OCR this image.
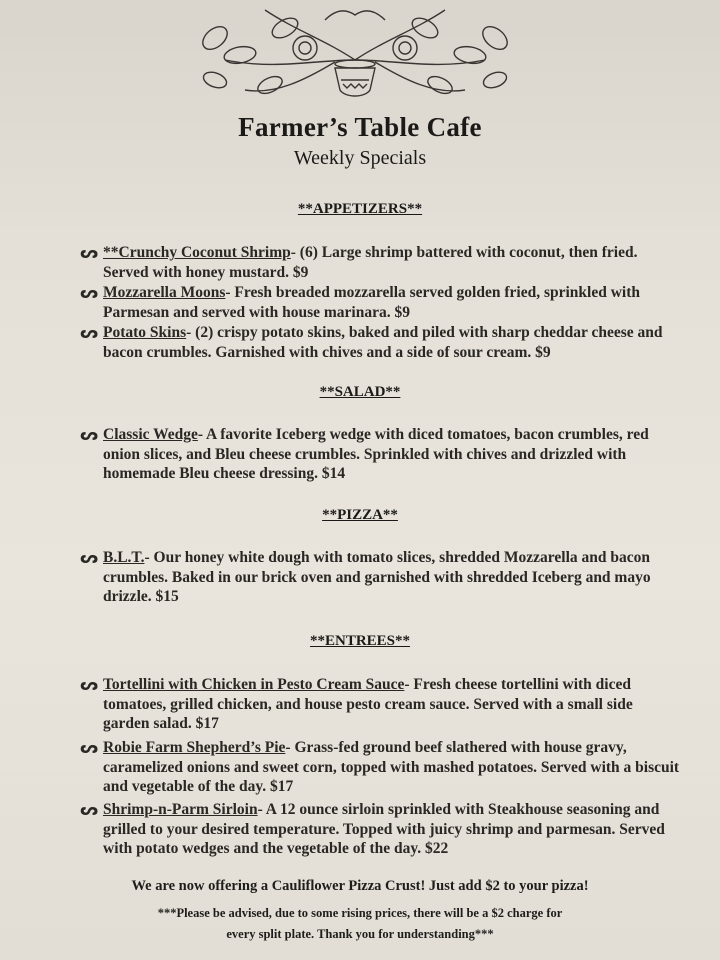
Farmer’s Table Cafe
Weekly Specials
**APPETIZERS**
ᔕ **Crunchy Coconut Shrimp- (6) Large shrimp battered with coconut, then fried. Served with honey mustard. $9
ᔕ Mozzarella Moons- Fresh breaded mozzarella served golden fried, sprinkled with Parmesan and served with house marinara. $9
ᔕ Potato Skins- (2) crispy potato skins, baked and piled with sharp cheddar cheese and bacon crumbles. Garnished with chives and a side of sour cream. $9
**SALAD**
ᔕ Classic Wedge- A favorite Iceberg wedge with diced tomatoes, bacon crumbles, red onion slices, and Bleu cheese crumbles. Sprinkled with chives and drizzled with homemade Bleu cheese dressing. $14
**PIZZA**
ᔕ B.L.T.- Our honey white dough with tomato slices, shredded Mozzarella and bacon crumbles. Baked in our brick oven and garnished with shredded Iceberg and mayo drizzle. $15
**ENTREES**
ᔕ Tortellini with Chicken in Pesto Cream Sauce- Fresh cheese tortellini with diced tomatoes, grilled chicken, and house pesto cream sauce. Served with a small side garden salad. $17
ᔕ Robie Farm Shepherd’s Pie- Grass-fed ground beef slathered with house gravy, caramelized onions and sweet corn, topped with mashed potatoes. Served with a biscuit and vegetable of the day. $17
ᔕ Shrimp-n-Parm Sirloin- A 12 ounce sirloin sprinkled with Steakhouse seasoning and grilled to your desired temperature. Topped with juicy shrimp and parmesan. Served with potato wedges and the vegetable of the day. $22
We are now offering a Cauliflower Pizza Crust! Just add $2 to your pizza!
***Please be advised, due to some rising prices, there will be a $2 charge for every split plate. Thank you for understanding***
